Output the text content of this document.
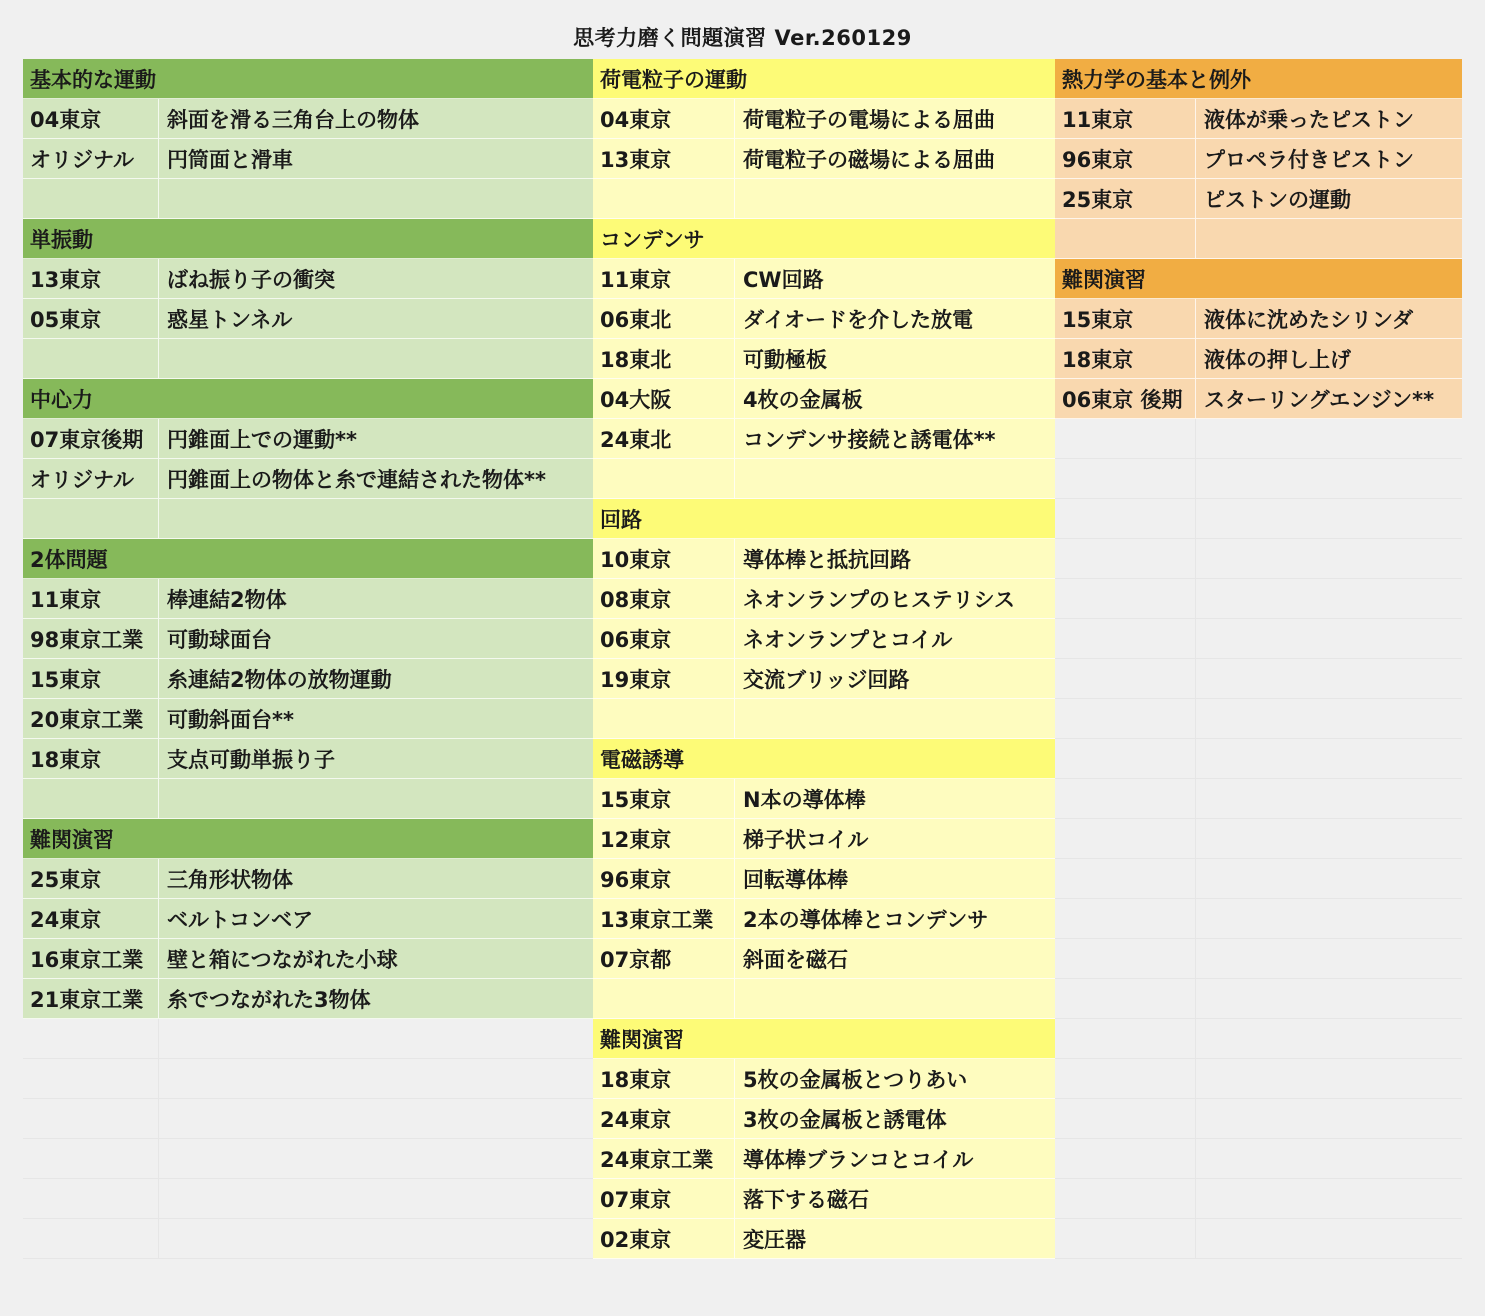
思考力磨く問題演習 Ver.260129
基本的な運動
04東京	斜面を滑る三角台上の物体
オリジナル	円筒面と滑車
単振動
13東京	ばね振り子の衝突
05東京	惑星トンネル
中心力
07東京後期	円錐面上での運動**
オリジナル	円錐面上の物体と糸で連結された物体**
2体問題
11東京	棒連結2物体
98東京工業	可動球面台
15東京	糸連結2物体の放物運動
20東京工業	可動斜面台**
18東京	支点可動単振り子
難関演習
25東京	三角形状物体
24東京	ベルトコンベア
16東京工業	壁と箱につながれた小球
21東京工業	糸でつながれた3物体
荷電粒子の運動
04東京	荷電粒子の電場による屈曲
13東京	荷電粒子の磁場による屈曲
コンデンサ
11東京	CW回路
06東北	ダイオードを介した放電
18東北	可動極板
04大阪	4枚の金属板
24東北	コンデンサ接続と誘電体**
回路
10東京	導体棒と抵抗回路
08東京	ネオンランプのヒステリシス
06東京	ネオンランプとコイル
19東京	交流ブリッジ回路
電磁誘導
15東京	N本の導体棒
12東京	梯子状コイル
96東京	回転導体棒
13東京工業	2本の導体棒とコンデンサ
07京都	斜面を磁石
難関演習
18東京	5枚の金属板とつりあい
24東京	3枚の金属板と誘電体
24東京工業	導体棒ブランコとコイル
07東京	落下する磁石
02東京	変圧器
熱力学の基本と例外
11東京	液体が乗ったピストン
96東京	プロペラ付きピストン
25東京	ピストンの運動
難関演習
15東京	液体に沈めたシリンダ
18東京	液体の押し上げ
06東京 後期	スターリングエンジン**
